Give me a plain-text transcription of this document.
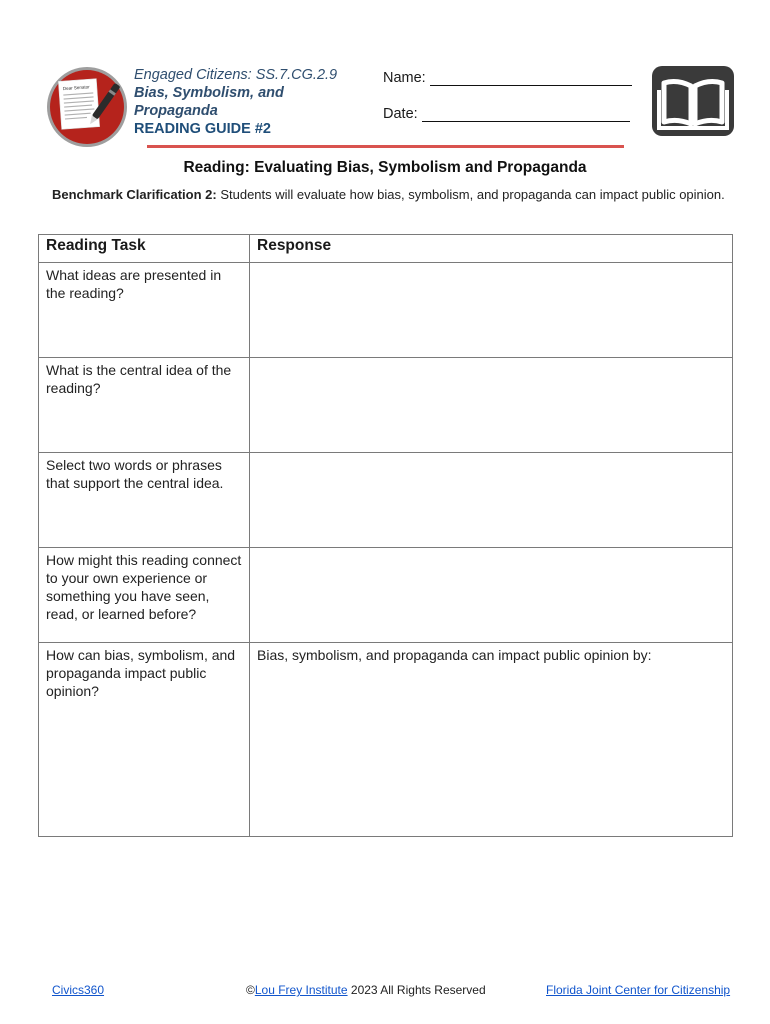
Dear Senator
Engaged Citizens: SS.7.CG.2.9
Bias, Symbolism, and
Propaganda
READING GUIDE #2
Name:
Date:
Reading: Evaluating Bias, Symbolism and Propaganda
Benchmark Clarification 2: Students will evaluate how bias, symbolism, and propaganda can impact public opinion.
Reading Task	Response
What ideas are presented in the reading?	
What is the central idea of the reading?	
Select two words or phrases that support the central idea.	
How might this reading connect to your own experience or something you have seen, read, or learned before?	
How can bias, symbolism, and propaganda impact public opinion?	Bias, symbolism, and propaganda can impact public opinion by:
Civics360	©Lou Frey Institute 2023 All Rights Reserved	Florida Joint Center for Citizenship
